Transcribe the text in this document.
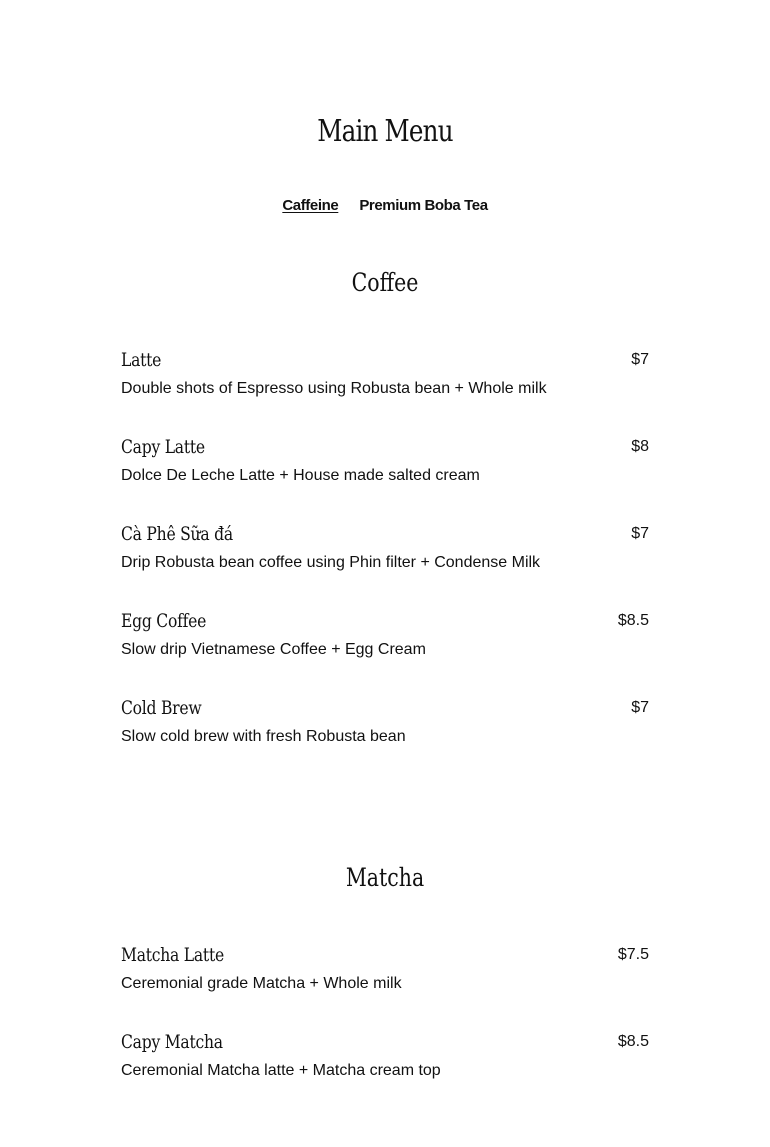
Main Menu
Caffeine Premium Boba Tea
Coffee
Latte	$7
Double shots of Espresso using Robusta bean + Whole milk
Capy Latte	$8
Dolce De Leche Latte + House made salted cream
Cà Phê Sữa đá	$7
Drip Robusta bean coffee using Phin filter + Condense Milk
Egg Coffee	$8.5
Slow drip Vietnamese Coffee + Egg Cream
Cold Brew	$7
Slow cold brew with fresh Robusta bean
Matcha
Matcha Latte	$7.5
Ceremonial grade Matcha + Whole milk
Capy Matcha	$8.5
Ceremonial Matcha latte + Matcha cream top
